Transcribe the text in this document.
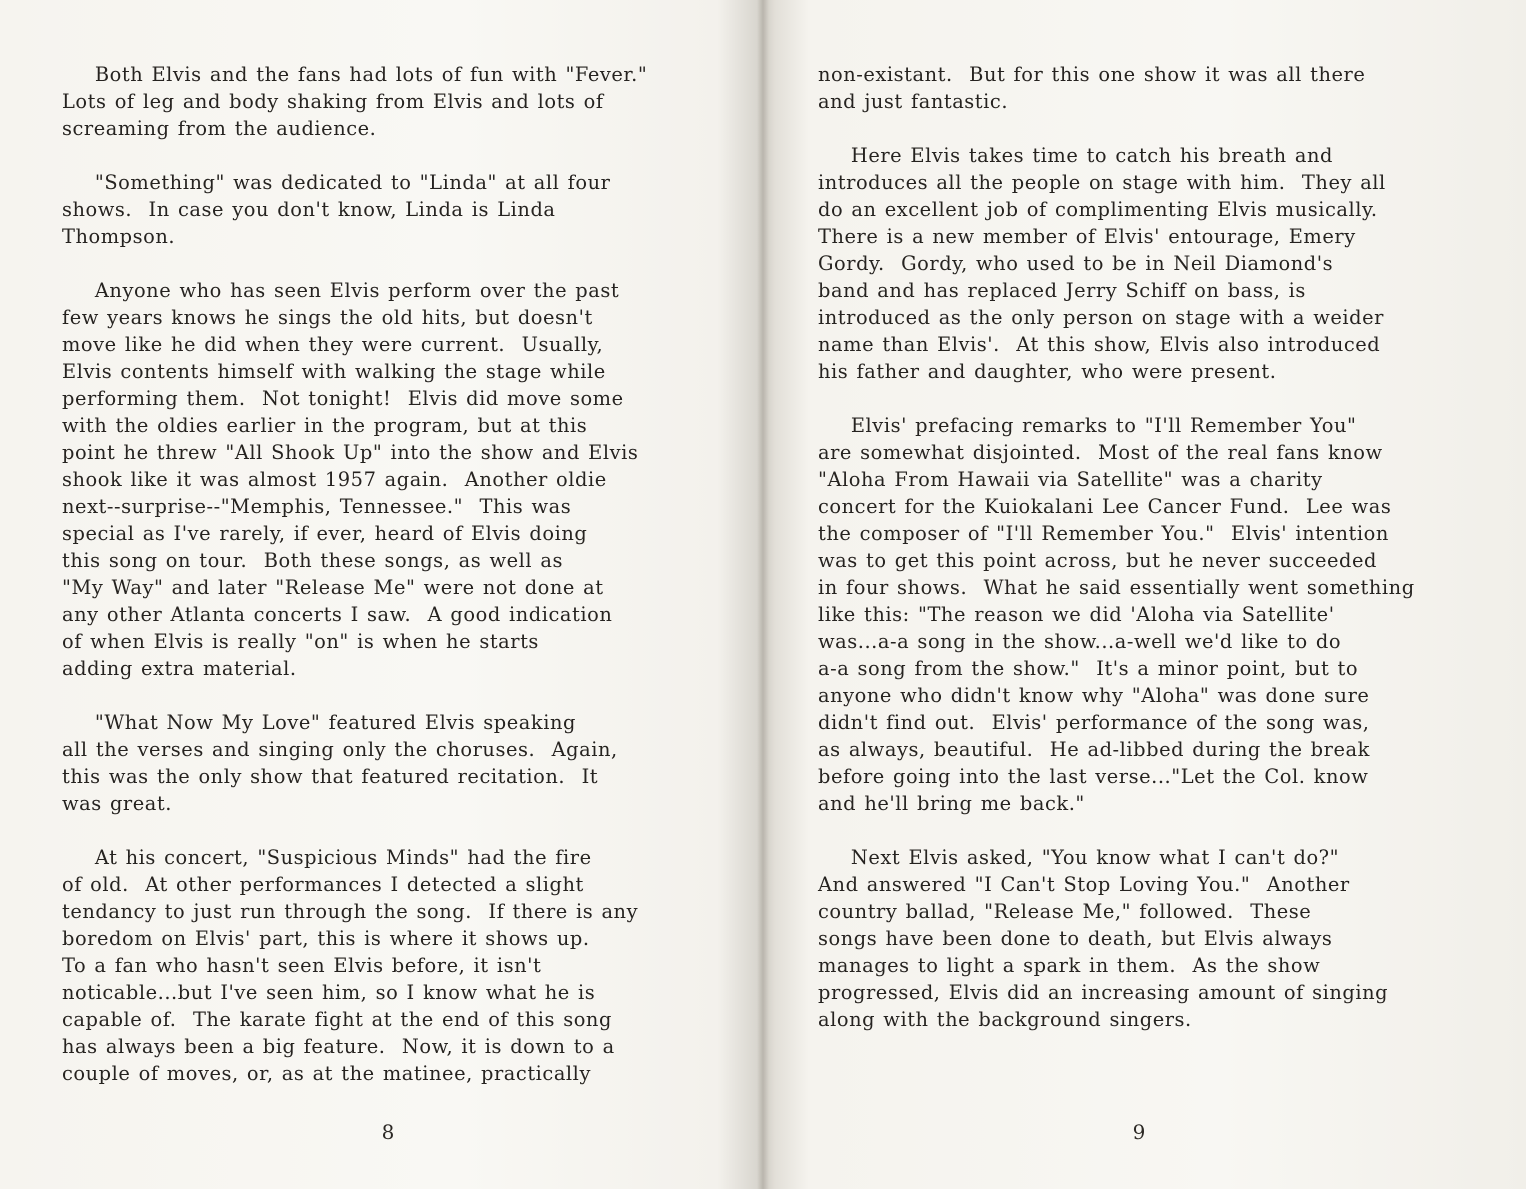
Both Elvis and the fans had lots of fun with "Fever."
Lots of leg and body shaking from Elvis and lots of
screaming from the audience.
"Something" was dedicated to "Linda" at all four
shows.  In case you don't know, Linda is Linda
Thompson.
Anyone who has seen Elvis perform over the past
few years knows he sings the old hits, but doesn't
move like he did when they were current.  Usually,
Elvis contents himself with walking the stage while
performing them.  Not tonight!  Elvis did move some
with the oldies earlier in the program, but at this
point he threw "All Shook Up" into the show and Elvis
shook like it was almost 1957 again.  Another oldie
next--surprise--"Memphis, Tennessee."  This was
special as I've rarely, if ever, heard of Elvis doing
this song on tour.  Both these songs, as well as
"My Way" and later "Release Me" were not done at
any other Atlanta concerts I saw.  A good indication
of when Elvis is really "on" is when he starts
adding extra material.
"What Now My Love" featured Elvis speaking
all the verses and singing only the choruses.  Again,
this was the only show that featured recitation.  It
was great.
At his concert, "Suspicious Minds" had the fire
of old.  At other performances I detected a slight
tendancy to just run through the song.  If there is any
boredom on Elvis' part, this is where it shows up.
To a fan who hasn't seen Elvis before, it isn't
noticable...but I've seen him, so I know what he is
capable of.  The karate fight at the end of this song
has always been a big feature.  Now, it is down to a
couple of moves, or, as at the matinee, practically
8
non-existant.  But for this one show it was all there
and just fantastic.
Here Elvis takes time to catch his breath and
introduces all the people on stage with him.  They all
do an excellent job of complimenting Elvis musically.
There is a new member of Elvis' entourage, Emery
Gordy.  Gordy, who used to be in Neil Diamond's
band and has replaced Jerry Schiff on bass, is
introduced as the only person on stage with a weider
name than Elvis'.  At this show, Elvis also introduced
his father and daughter, who were present.
Elvis' prefacing remarks to "I'll Remember You"
are somewhat disjointed.  Most of the real fans know
"Aloha From Hawaii via Satellite" was a charity
concert for the Kuiokalani Lee Cancer Fund.  Lee was
the composer of "I'll Remember You."  Elvis' intention
was to get this point across, but he never succeeded
in four shows.  What he said essentially went something
like this: "The reason we did 'Aloha via Satellite'
was...a-a song in the show...a-well we'd like to do
a-a song from the show."  It's a minor point, but to
anyone who didn't know why "Aloha" was done sure
didn't find out.  Elvis' performance of the song was,
as always, beautiful.  He ad-libbed during the break
before going into the last verse..."Let the Col. know
and he'll bring me back."
Next Elvis asked, "You know what I can't do?"
And answered "I Can't Stop Loving You."  Another
country ballad, "Release Me," followed.  These
songs have been done to death, but Elvis always
manages to light a spark in them.  As the show
progressed, Elvis did an increasing amount of singing
along with the background singers.
9
